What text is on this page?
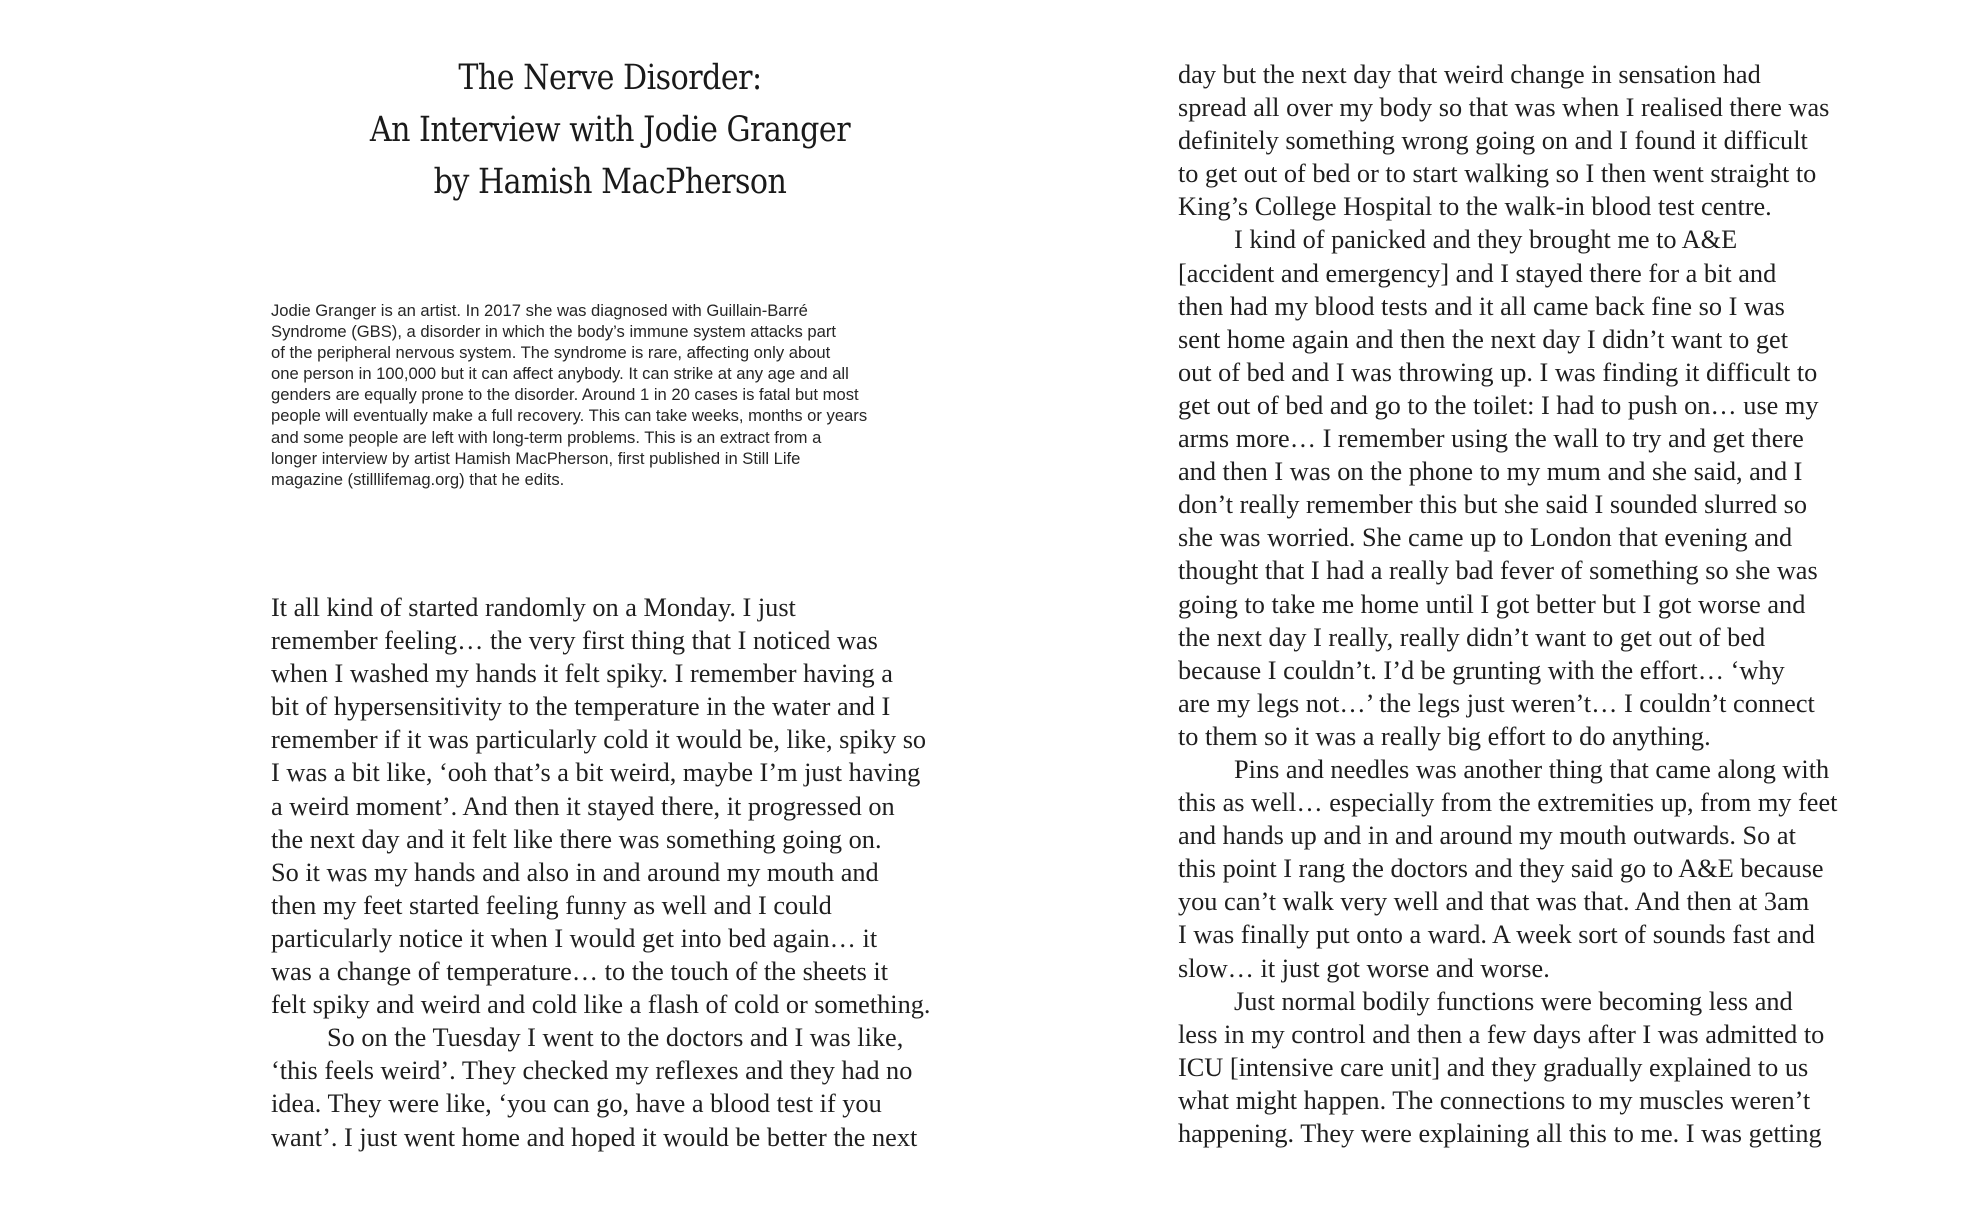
The Nerve Disorder:
An Interview with Jodie Granger
by Hamish MacPherson
Jodie Granger is an artist. In 2017 she was diagnosed with Guillain-Barré
Syndrome (GBS), a disorder in which the body’s immune system attacks part
of the peripheral nervous system. The syndrome is rare, affecting only about
one person in 100,000 but it can affect anybody. It can strike at any age and all
genders are equally prone to the disorder. Around 1 in 20 cases is fatal but most
people will eventually make a full recovery. This can take weeks, months or years
and some people are left with long-term problems. This is an extract from a
longer interview by artist Hamish MacPherson, first published in Still Life
magazine (stilllifemag.org) that he edits.
It all kind of started randomly on a Monday. I just
remember feeling… the very first thing that I noticed was
when I washed my hands it felt spiky. I remember having a
bit of hypersensitivity to the temperature in the water and I
remember if it was particularly cold it would be, like, spiky so
I was a bit like, ‘ooh that’s a bit weird, maybe I’m just having
a weird moment’. And then it stayed there, it progressed on
the next day and it felt like there was something going on.
So it was my hands and also in and around my mouth and
then my feet started feeling funny as well and I could
particularly notice it when I would get into bed again… it
was a change of temperature… to the touch of the sheets it
felt spiky and weird and cold like a flash of cold or something.
So on the Tuesday I went to the doctors and I was like,
‘this feels weird’. They checked my reflexes and they had no
idea. They were like, ‘you can go, have a blood test if you
want’. I just went home and hoped it would be better the next
day but the next day that weird change in sensation had
spread all over my body so that was when I realised there was
definitely something wrong going on and I found it difficult
to get out of bed or to start walking so I then went straight to
King’s College Hospital to the walk-in blood test centre.
I kind of panicked and they brought me to A&E
[accident and emergency] and I stayed there for a bit and
then had my blood tests and it all came back fine so I was
sent home again and then the next day I didn’t want to get
out of bed and I was throwing up. I was finding it difficult to
get out of bed and go to the toilet: I had to push on… use my
arms more… I remember using the wall to try and get there
and then I was on the phone to my mum and she said, and I
don’t really remember this but she said I sounded slurred so
she was worried. She came up to London that evening and
thought that I had a really bad fever of something so she was
going to take me home until I got better but I got worse and
the next day I really, really didn’t want to get out of bed
because I couldn’t. I’d be grunting with the effort… ‘why
are my legs not…’ the legs just weren’t… I couldn’t connect
to them so it was a really big effort to do anything.
Pins and needles was another thing that came along with
this as well… especially from the extremities up, from my feet
and hands up and in and around my mouth outwards. So at
this point I rang the doctors and they said go to A&E because
you can’t walk very well and that was that. And then at 3am
I was finally put onto a ward. A week sort of sounds fast and
slow… it just got worse and worse.
Just normal bodily functions were becoming less and
less in my control and then a few days after I was admitted to
ICU [intensive care unit] and they gradually explained to us
what might happen. The connections to my muscles weren’t
happening. They were explaining all this to me. I was getting
